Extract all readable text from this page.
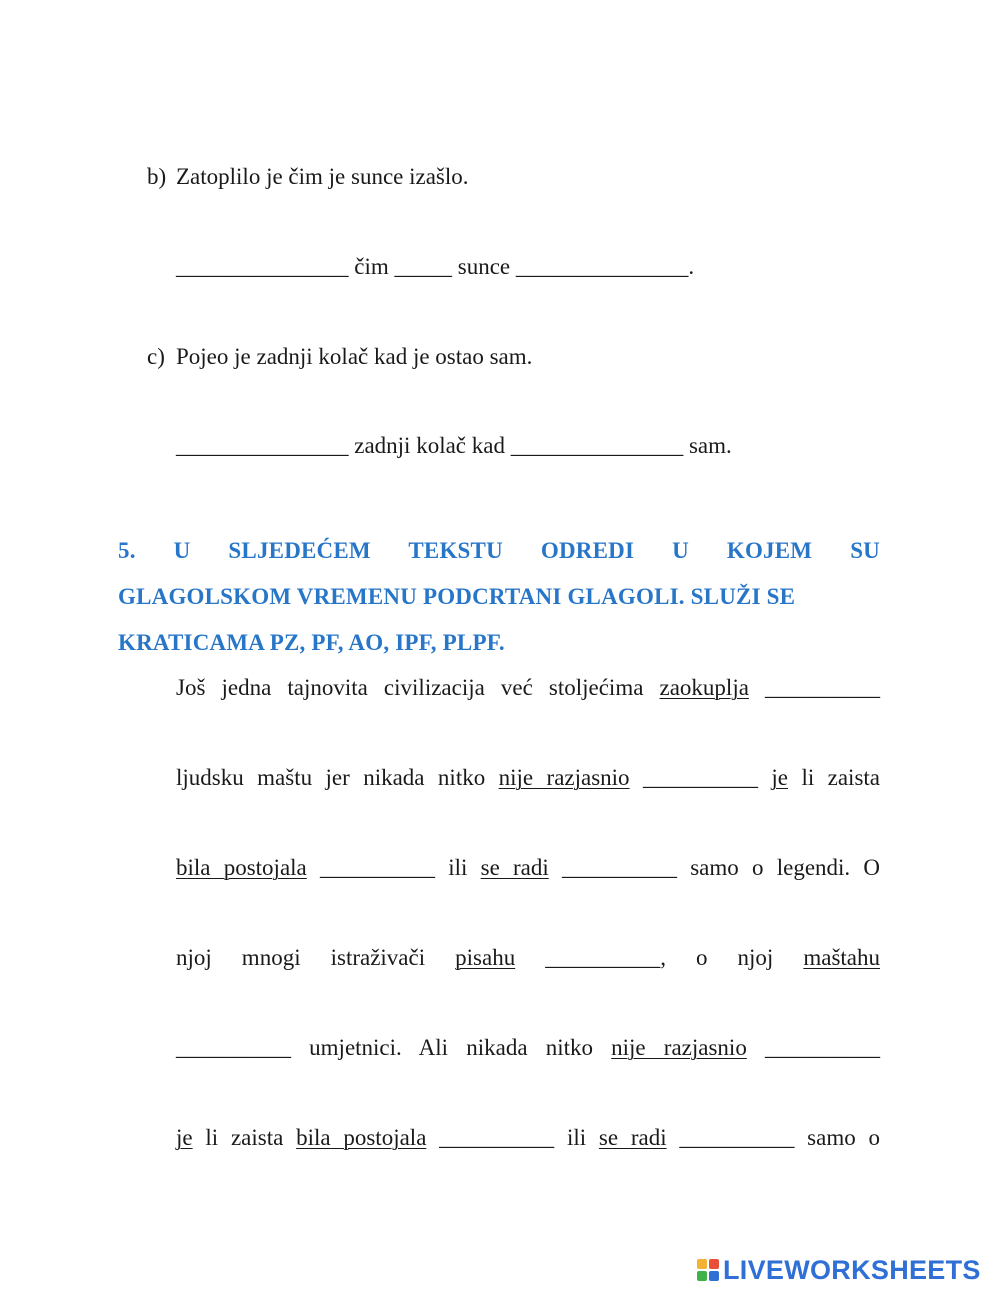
b) Zatoplilo je čim je sunce izašlo.
_______________ čim _____ sunce _______________.
c) Pojeo je zadnji kolač kad je ostao sam.
_______________ zadnji kolač kad _______________ sam.
5. U SLJEDEĆEM TEKSTU ODREDI U KOJEM SU
GLAGOLSKOM VREMENU PODCRTANI GLAGOLI. SLUŽI SE
KRATICAMA PZ, PF, AO, IPF, PLPF.
Još jedna tajnovita civilizacija već stoljećima zaokuplja __________
ljudsku maštu jer nikada nitko nije razjasnio __________ je li zaista
bila postojala __________ ili se radi __________ samo o legendi. O
njoj mnogi istraživači pisahu __________, o njoj maštahu
__________ umjetnici. Ali nikada nitko nije razjasnio __________
je li zaista bila postojala __________ ili se radi __________ samo o
LIVEWORKSHEETS
